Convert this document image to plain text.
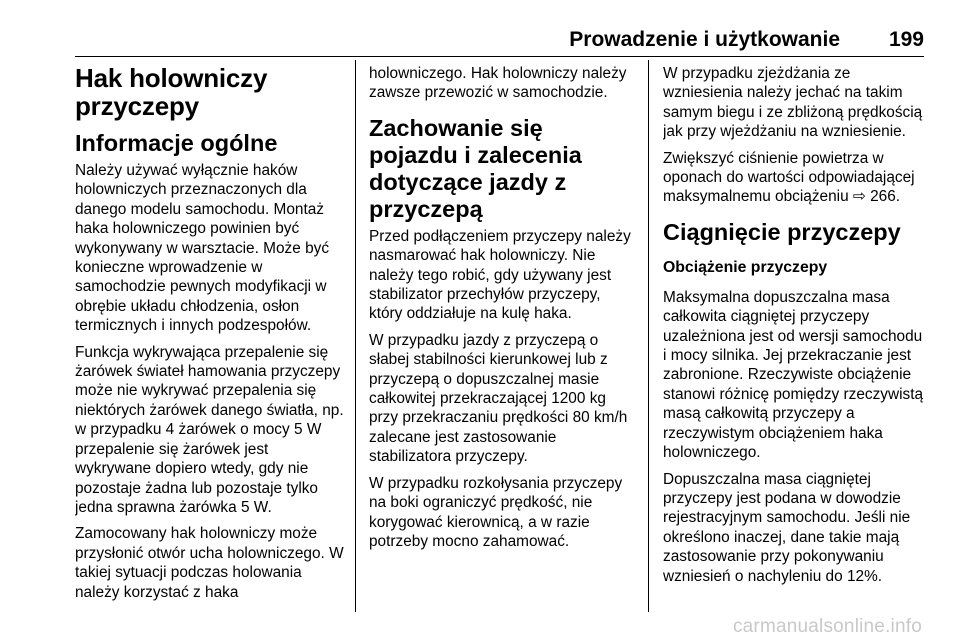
Prowadzenie i użytkowanie 199
Hak holowniczy przyczepy
Informacje ogólne

Należy używać wyłącznie haków holowniczych przeznaczonych dla danego modelu samochodu. Montaż haka holowniczego powinien być wykonywany w warsztacie. Może być konieczne wprowadzenie w samochodzie pewnych modyfikacji w obrębie układu chłodzenia, osłon termicznych i innych podzespołów.

Funkcja wykrywająca przepalenie się żarówek świateł hamowania przyczepy może nie wykrywać przepalenia się niektórych żarówek danego światła, np. w przypadku 4 żarówek o mocy 5 W przepalenie się żarówek jest wykrywane dopiero wtedy, gdy nie pozostaje żadna lub pozostaje tylko jedna sprawna żarówka 5 W.

Zamocowany hak holowniczy może przysłonić otwór ucha holowniczego. W takiej sytuacji podczas holowania należy korzystać z haka

holowniczego. Hak holowniczy należy zawsze przewozić w samochodzie.

Zachowanie się pojazdu i zalecenia dotyczące jazdy z przyczepą

Przed podłączeniem przyczepy należy nasmarować hak holowniczy. Nie należy tego robić, gdy używany jest stabilizator przechyłów przyczepy, który oddziałuje na kulę haka.

W przypadku jazdy z przyczepą o słabej stabilności kierunkowej lub z przyczepą o dopuszczalnej masie całkowitej przekraczającej 1200 kg przy przekraczaniu prędkości 80 km/h zalecane jest zastosowanie stabilizatora przyczepy.

W przypadku rozkołysania przyczepy na boki ograniczyć prędkość, nie korygować kierownicą, a w razie potrzeby mocno zahamować.

W przypadku zjeżdżania ze wzniesienia należy jechać na takim samym biegu i ze zbliżoną prędkością jak przy wjeżdżaniu na wzniesienie.

Zwiększyć ciśnienie powietrza w oponach do wartości odpowiadającej maksymalnemu obciążeniu ⇨ 266.

Ciągnięcie przyczepy
Obciążenie przyczepy

Maksymalna dopuszczalna masa całkowita ciągniętej przyczepy uzależniona jest od wersji samochodu i mocy silnika. Jej przekraczanie jest zabronione. Rzeczywiste obciążenie stanowi różnicę pomiędzy rzeczywistą masą całkowitą przyczepy a rzeczywistym obciążeniem haka holowniczego.

Dopuszczalna masa ciągniętej przyczepy jest podana w dowodzie rejestracyjnym samochodu. Jeśli nie określono inaczej, dane takie mają zastosowanie przy pokonywaniu wzniesień o nachyleniu do 12%.

carmanualsonline.info
